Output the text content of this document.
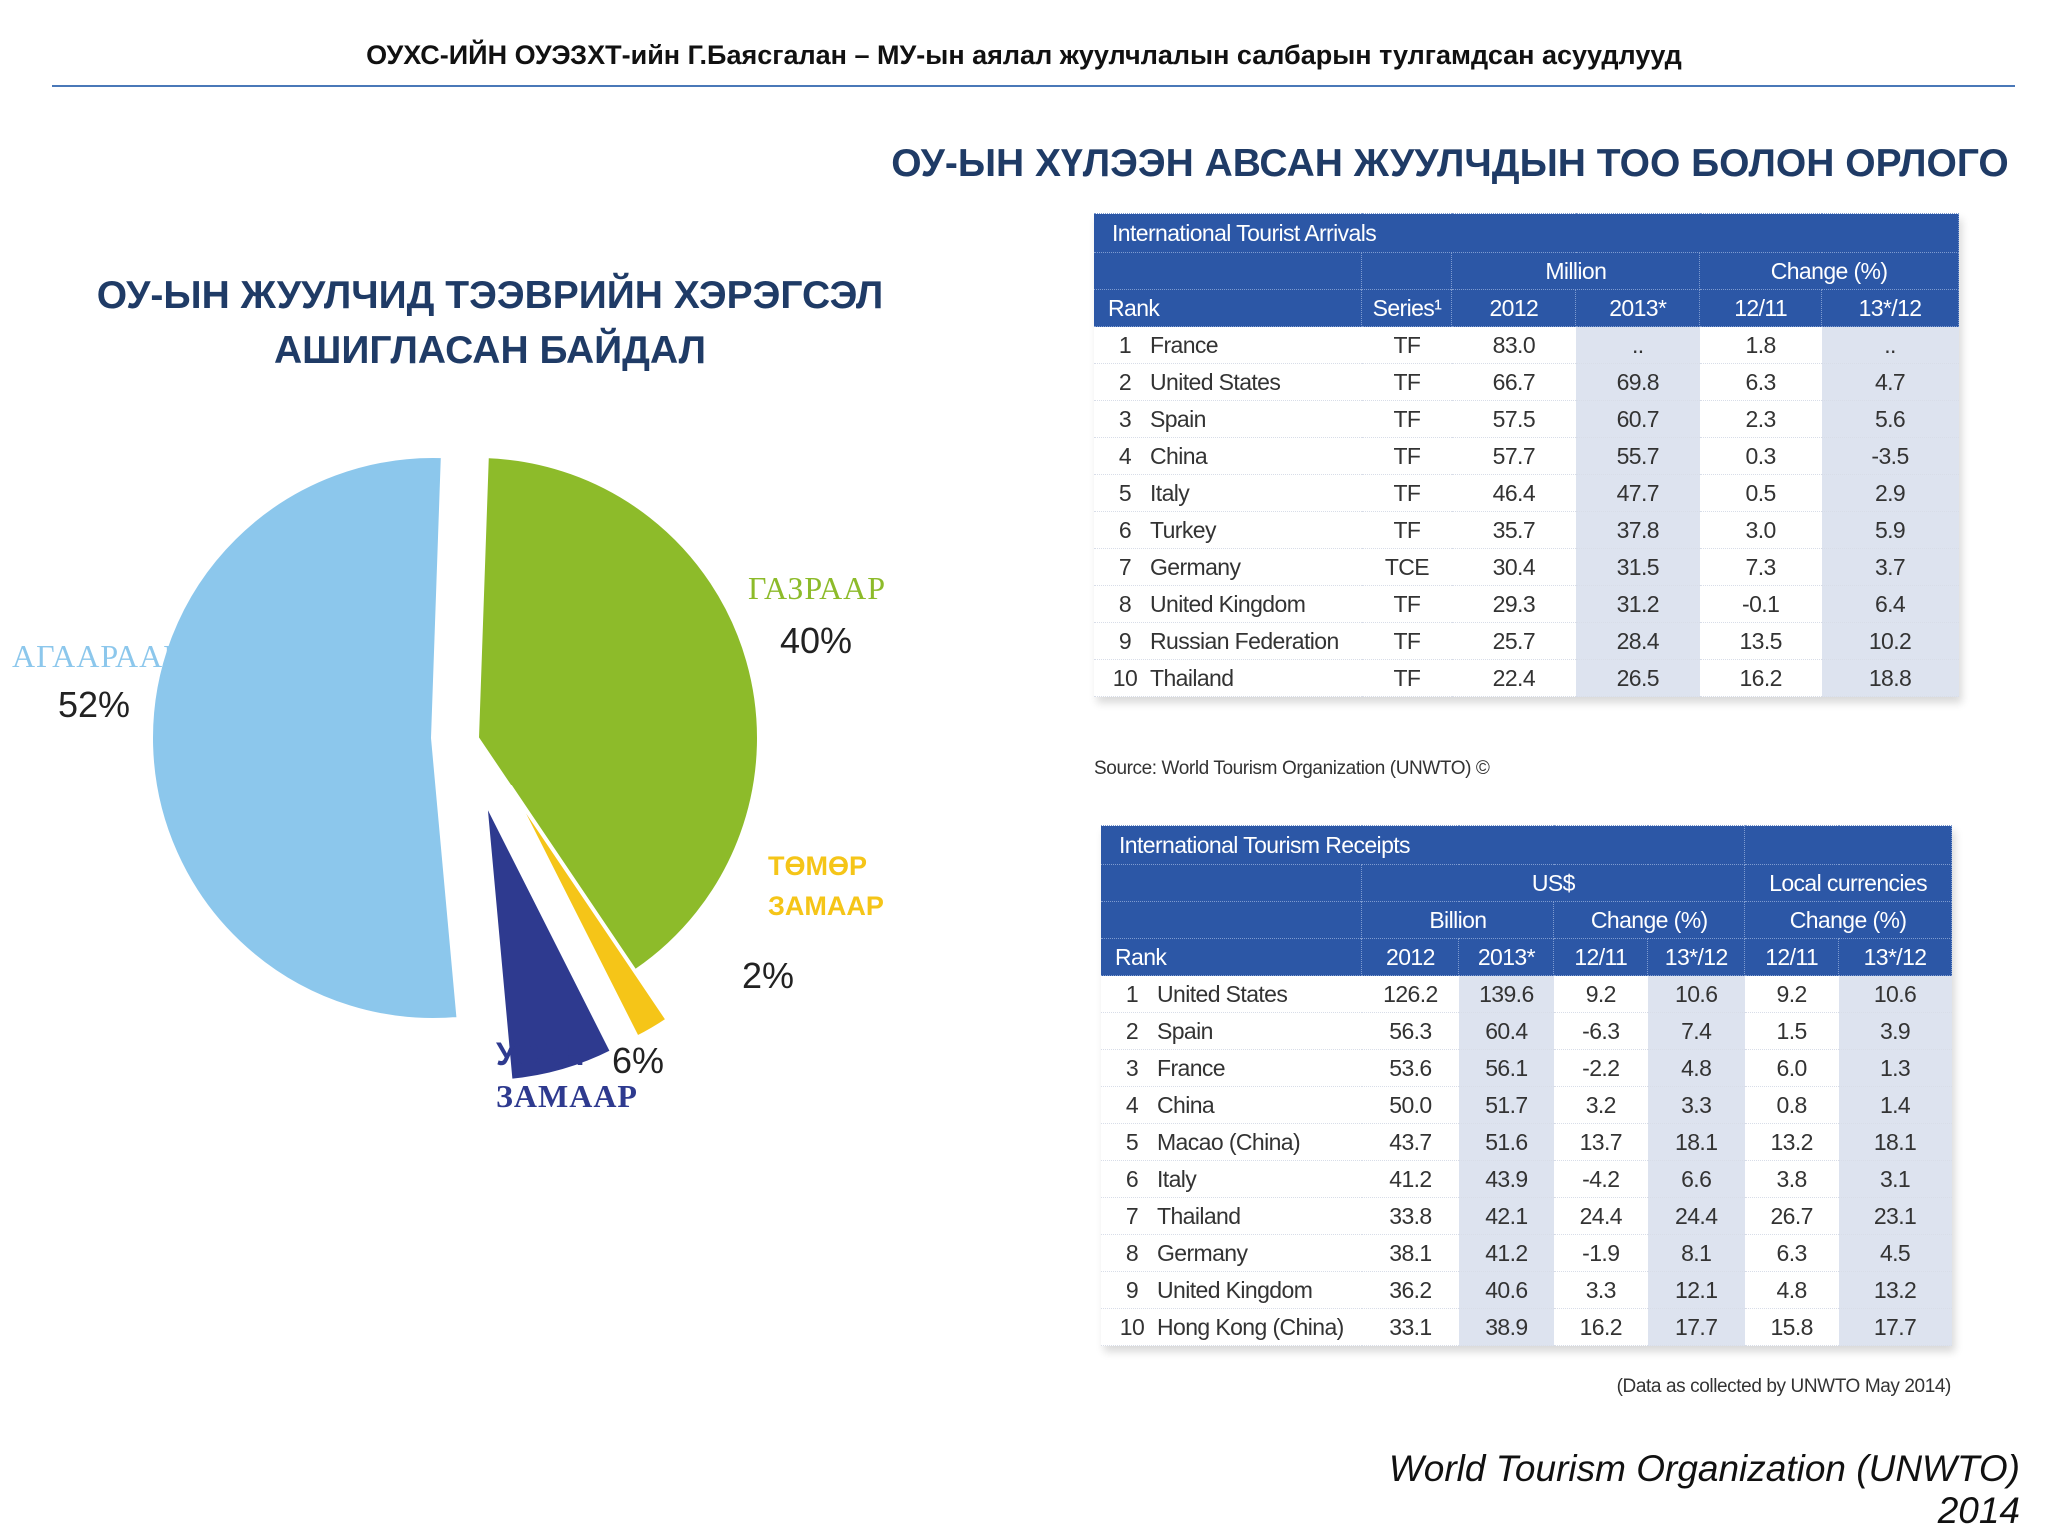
ОУХС-ИЙН ОУЭЗХТ-ийн Г.Баясгалан – МУ-ын аялал жуулчлалын салбарын тулгамдсан асуудлууд
ОУ-ЫН ХҮЛЭЭН АВСАН ЖУУЛЧДЫН ТОО БОЛОН ОРЛОГО
ОУ-ЫН ЖУУЛЧИД ТЭЭВРИЙН ХЭРЭГСЭЛ
АШИГЛАСАН БАЙДАЛ
АГААРААР
52%
ГАЗРААР
40%
ТӨМӨР
ЗАМААР
2%
УСАН
ЗАМААР
6%
International Tourist Arrivals					
		Million		Change (%)	
Rank	Series¹	2012	2013*	12/11	13*/12
1 France	TF	83.0	..	1.8	..
2 United States	TF	66.7	69.8	6.3	4.7
3 Spain	TF	57.5	60.7	2.3	5.6
4 China	TF	57.7	55.7	0.3	-3.5
5 Italy	TF	46.4	47.7	0.5	2.9
6 Turkey	TF	35.7	37.8	3.0	5.9
7 Germany	TCE	30.4	31.5	7.3	3.7
8 United Kingdom	TF	29.3	31.2	-0.1	6.4
9 Russian Federation	TF	25.7	28.4	13.5	10.2
10 Thailand	TF	22.4	26.5	16.2	18.8
Source: World Tourism Organization (UNWTO) ©
International Tourism Receipts						
	US$				Local currencies	
	Billion		Change (%)		Change (%)	
Rank	2012	2013*	12/11	13*/12	12/11	13*/12
1 United States	126.2	139.6	9.2	10.6	9.2	10.6
2 Spain	56.3	60.4	-6.3	7.4	1.5	3.9
3 France	53.6	56.1	-2.2	4.8	6.0	1.3
4 China	50.0	51.7	3.2	3.3	0.8	1.4
5 Macao (China)	43.7	51.6	13.7	18.1	13.2	18.1
6 Italy	41.2	43.9	-4.2	6.6	3.8	3.1
7 Thailand	33.8	42.1	24.4	24.4	26.7	23.1
8 Germany	38.1	41.2	-1.9	8.1	6.3	4.5
9 United Kingdom	36.2	40.6	3.3	12.1	4.8	13.2
10 Hong Kong (China)	33.1	38.9	16.2	17.7	15.8	17.7
(Data as collected by UNWTO May 2014)
World Tourism Organization (UNWTO) 2014
